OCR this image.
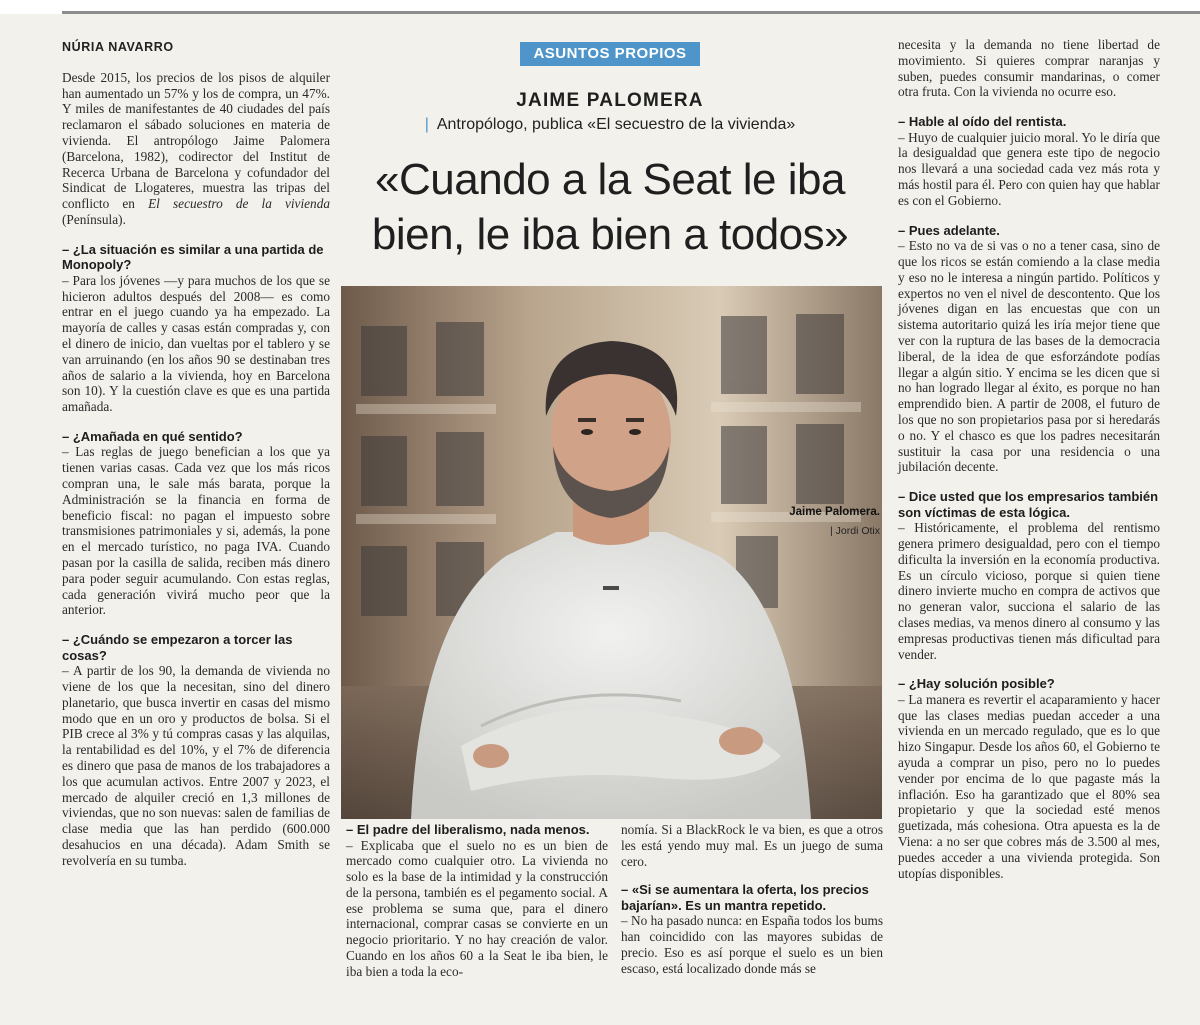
NÚRIA NAVARRO

Desde 2015, los precios de los pisos de alquiler han aumentado un 57% y los de compra, un 47%. Y miles de manifestantes de 40 ciudades del país reclamaron el sábado soluciones en materia de vivienda. El antropólogo Jaime Palomera (Barcelona, 1982), codirector del Institut de Recerca Urbana de Barcelona y cofundador del Sindicat de Llogateres, muestra las tripas del conflicto en El secuestro de la vivienda (Península).

– ¿La situación es similar a una partida de Monopoly?

– Para los jóvenes —y para muchos de los que se hicieron adultos después del 2008— es como entrar en el juego cuando ya ha empezado. La mayoría de calles y casas están compradas y, con el dinero de inicio, dan vueltas por el tablero y se van arruinando (en los años 90 se destinaban tres años de salario a la vivienda, hoy en Barcelona son 10). Y la cuestión clave es que es una partida amañada.

– ¿Amañada en qué sentido?

– Las reglas de juego benefician a los que ya tienen varias casas. Cada vez que los más ricos compran una, le sale más barata, porque la Administración se la financia en forma de beneficio fiscal: no pagan el impuesto sobre transmisiones patrimoniales y si, además, la pone en el mercado turístico, no paga IVA. Cuando pasan por la casilla de salida, reciben más dinero para poder seguir acumulando. Con estas reglas, cada generación vivirá mucho peor que la anterior.

– ¿Cuándo se empezaron a torcer las cosas?

– A partir de los 90, la demanda de vivienda no viene de los que la necesitan, sino del dinero planetario, que busca invertir en casas del mismo modo que en un oro y productos de bolsa. Si el PIB crece al 3% y tú compras casas y las alquilas, la rentabilidad es del 10%, y el 7% de diferencia es dinero que pasa de manos de los trabajadores a los que acumulan activos. Entre 2007 y 2023, el mercado de alquiler creció en 1,3 millones de viviendas, que no son nuevas: salen de familias de clase media que las han perdido (600.000 desahucios en una década). Adam Smith se revolvería en su tumba.

ASUNTOS PROPIOS
JAIME PALOMERA
| Antropólogo, publica «El secuestro de la vivienda»
«Cuando a la Seat le iba
bien, le iba bien a todos»
Jaime Palomera.
| Jordi Otix

– El padre del liberalismo, nada menos.

– Explicaba que el suelo no es un bien de mercado como cualquier otro. La vivienda no solo es la base de la intimidad y la construcción de la persona, también es el pegamento social. A ese problema se suma que, para el dinero internacional, comprar casas se convierte en un negocio prioritario. Y no hay creación de valor. Cuando en los años 60 a la Seat le iba bien, le iba bien a toda la eco-

nomía. Si a BlackRock le va bien, es que a otros les está yendo muy mal. Es un juego de suma cero.

– «Si se aumentara la oferta, los precios bajarían». Es un mantra repetido.

– No ha pasado nunca: en España todos los bums han coincidido con las mayores subidas de precio. Eso es así porque el suelo es un bien escaso, está localizado donde más se

necesita y la demanda no tiene libertad de movimiento. Si quieres comprar naranjas y suben, puedes consumir mandarinas, o comer otra fruta. Con la vivienda no ocurre eso.

– Hable al oído del rentista.

– Huyo de cualquier juicio moral. Yo le diría que la desigualdad que genera este tipo de negocio nos llevará a una sociedad cada vez más rota y más hostil para él. Pero con quien hay que hablar es con el Gobierno.

– Pues adelante.

– Esto no va de si vas o no a tener casa, sino de que los ricos se están comiendo a la clase media y eso no le interesa a ningún partido. Políticos y expertos no ven el nivel de descontento. Que los jóvenes digan en las encuestas que con un sistema autoritario quizá les iría mejor tiene que ver con la ruptura de las bases de la democracia liberal, de la idea de que esforzándote podías llegar a algún sitio. Y encima se les dicen que si no han logrado llegar al éxito, es porque no han emprendido bien. A partir de 2008, el futuro de los que no son propietarios pasa por si heredarás o no. Y el chasco es que los padres necesitarán sustituir la casa por una residencia o una jubilación decente.

– Dice usted que los empresarios también son víctimas de esta lógica.

– Históricamente, el problema del rentismo genera primero desigualdad, pero con el tiempo dificulta la inversión en la economía productiva. Es un círculo vicioso, porque si quien tiene dinero invierte mucho en compra de activos que no generan valor, succiona el salario de las clases medias, va menos dinero al consumo y las empresas productivas tienen más dificultad para vender.

– ¿Hay solución posible?

– La manera es revertir el acaparamiento y hacer que las clases medias puedan acceder a una vivienda en un mercado regulado, que es lo que hizo Singapur. Desde los años 60, el Gobierno te ayuda a comprar un piso, pero no lo puedes vender por encima de lo que pagaste más la inflación. Eso ha garantizado que el 80% sea propietario y que la sociedad esté menos guetizada, más cohesiona. Otra apuesta es la de Viena: a no ser que cobres más de 3.500 al mes, puedes acceder a una vivienda protegida. Son utopías disponibles.
